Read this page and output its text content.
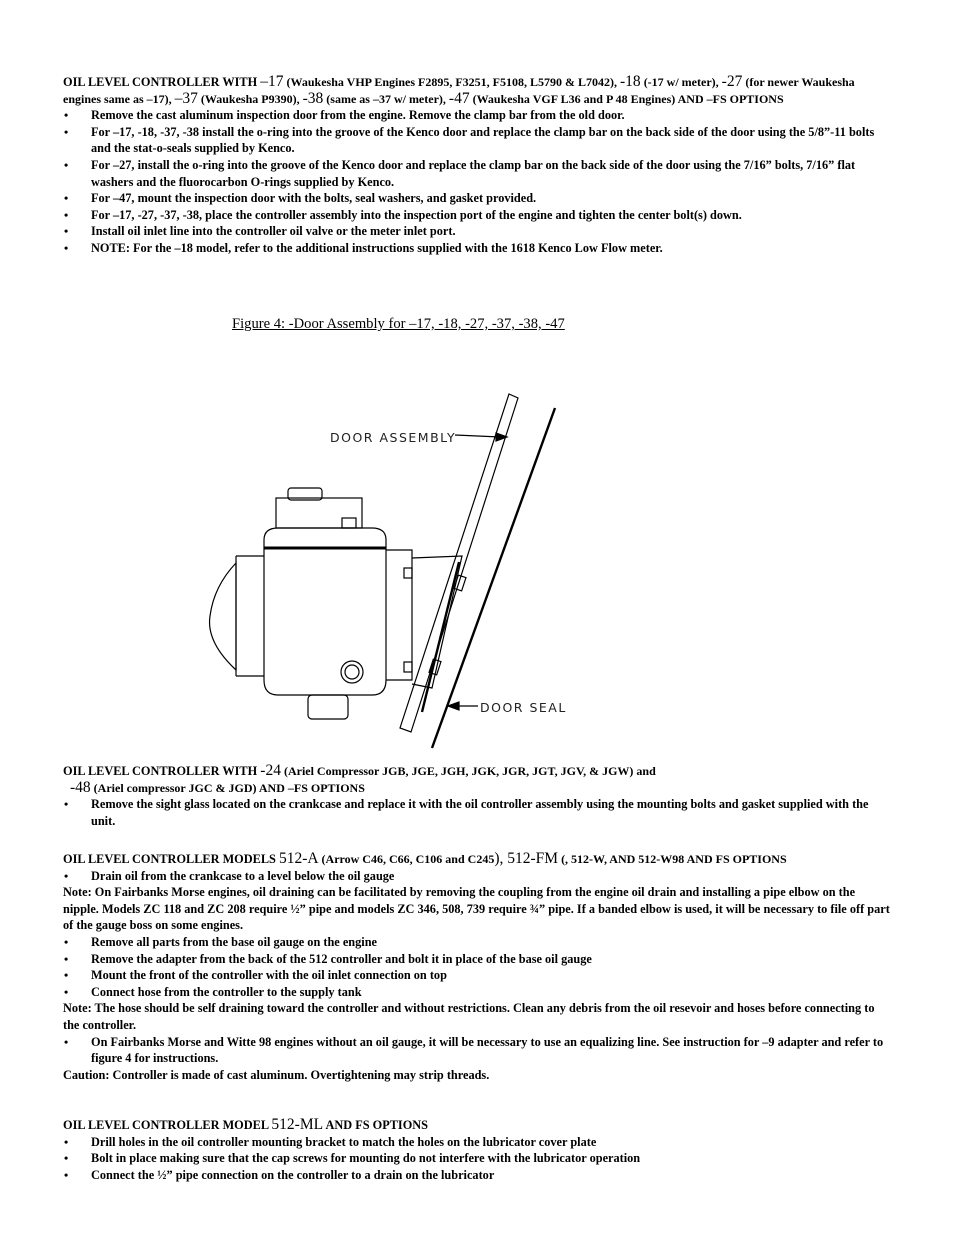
OIL LEVEL CONTROLLER WITH –17 (Waukesha VHP Engines F2895, F3251, F5108, L5790 & L7042), -18 (-17 w/ meter), -27 (for newer Waukesha engines same as –17), –37 (Waukesha P9390), -38 (same as –37 w/ meter), -47 (Waukesha VGF L36 and P 48 Engines) AND –FS OPTIONS
• Remove the cast aluminum inspection door from the engine. Remove the clamp bar from the old door.
• For –17, -18, -37, -38 install the o-ring into the groove of the Kenco door and replace the clamp bar on the back side of the door using the 5/8”-11 bolts and the stat-o-seals supplied by Kenco.
• For –27, install the o-ring into the groove of the Kenco door and replace the clamp bar on the back side of the door using the 7/16” bolts, 7/16” flat washers and the fluorocarbon O-rings supplied by Kenco.
• For –47, mount the inspection door with the bolts, seal washers, and gasket provided.
• For –17, -27, -37, -38, place the controller assembly into the inspection port of the engine and tighten the center bolt(s) down.
• Install oil inlet line into the controller oil valve or the meter inlet port.
• NOTE: For the –18 model, refer to the additional instructions supplied with the 1618 Kenco Low Flow meter.
Figure 4: -Door Assembly for –17, -18, -27, -37, -38, -47
DOOR ASSEMBLY
DOOR SEAL
OIL LEVEL CONTROLLER WITH -24 (Ariel Compressor JGB, JGE, JGH, JGK, JGR, JGT, JGV, & JGW) and
-48 (Ariel compressor JGC & JGD) AND –FS OPTIONS
• Remove the sight glass located on the crankcase and replace it with the oil controller assembly using the mounting bolts and gasket supplied with the unit.
OIL LEVEL CONTROLLER MODELS 512-A (Arrow C46, C66, C106 and C245), 512-FM (, 512-W, AND 512-W98 AND FS OPTIONS
• Drain oil from the crankcase to a level below the oil gauge
Note: On Fairbanks Morse engines, oil draining can be facilitated by removing the coupling from the engine oil drain and installing a pipe elbow on the nipple. Models ZC 118 and ZC 208 require ½” pipe and models ZC 346, 508, 739 require ¾” pipe. If a banded elbow is used, it will be necessary to file off part of the gauge boss on some engines.
• Remove all parts from the base oil gauge on the engine
• Remove the adapter from the back of the 512 controller and bolt it in place of the base oil gauge
• Mount the front of the controller with the oil inlet connection on top
• Connect hose from the controller to the supply tank
Note: The hose should be self draining toward the controller and without restrictions. Clean any debris from the oil resevoir and hoses before connecting to the controller.
• On Fairbanks Morse and Witte 98 engines without an oil gauge, it will be necessary to use an equalizing line. See instruction for –9 adapter and refer to figure 4 for instructions.
Caution: Controller is made of cast aluminum. Overtightening may strip threads.
OIL LEVEL CONTROLLER MODEL 512-ML AND FS OPTIONS
• Drill holes in the oil controller mounting bracket to match the holes on the lubricator cover plate
• Bolt in place making sure that the cap screws for mounting do not interfere with the lubricator operation
• Connect the ½” pipe connection on the controller to a drain on the lubricator
